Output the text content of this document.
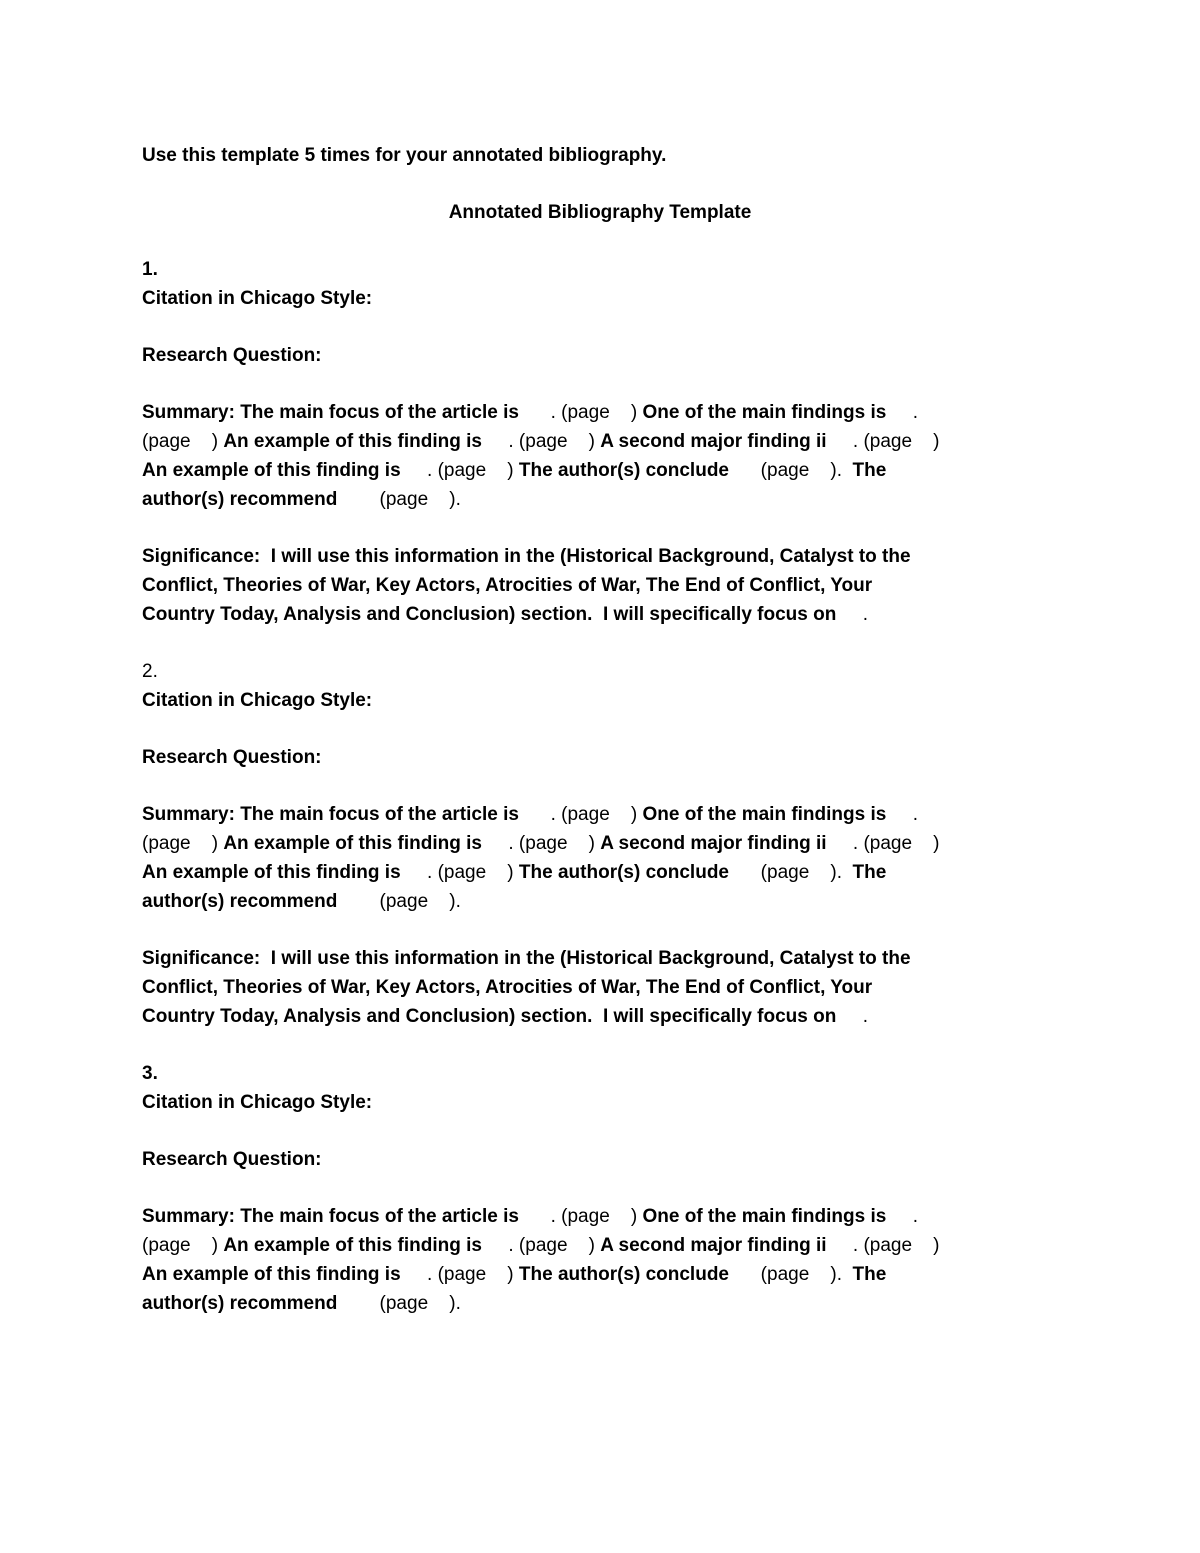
Use this template 5 times for your annotated bibliography.
Annotated Bibliography Template
1.
Citation in Chicago Style:
Research Question:
Summary: The main focus of the article is      . (page    ) One of the main findings is     .
(page    ) An example of this finding is     . (page    ) A second major finding ii     . (page    )
An example of this finding is     . (page    ) The author(s) conclude      (page    ).  The
author(s) recommend        (page    ).
Significance:  I will use this information in the (Historical Background, Catalyst to the
Conflict, Theories of War, Key Actors, Atrocities of War, The End of Conflict, Your
Country Today, Analysis and Conclusion) section.  I will specifically focus on     .
2.
Citation in Chicago Style:
Research Question:
Summary: The main focus of the article is      . (page    ) One of the main findings is     .
(page    ) An example of this finding is     . (page    ) A second major finding ii     . (page    )
An example of this finding is     . (page    ) The author(s) conclude      (page    ).  The
author(s) recommend        (page    ).
Significance:  I will use this information in the (Historical Background, Catalyst to the
Conflict, Theories of War, Key Actors, Atrocities of War, The End of Conflict, Your
Country Today, Analysis and Conclusion) section.  I will specifically focus on     .
3.
Citation in Chicago Style:
Research Question:
Summary: The main focus of the article is      . (page    ) One of the main findings is     .
(page    ) An example of this finding is     . (page    ) A second major finding ii     . (page    )
An example of this finding is     . (page    ) The author(s) conclude      (page    ).  The
author(s) recommend        (page    ).
